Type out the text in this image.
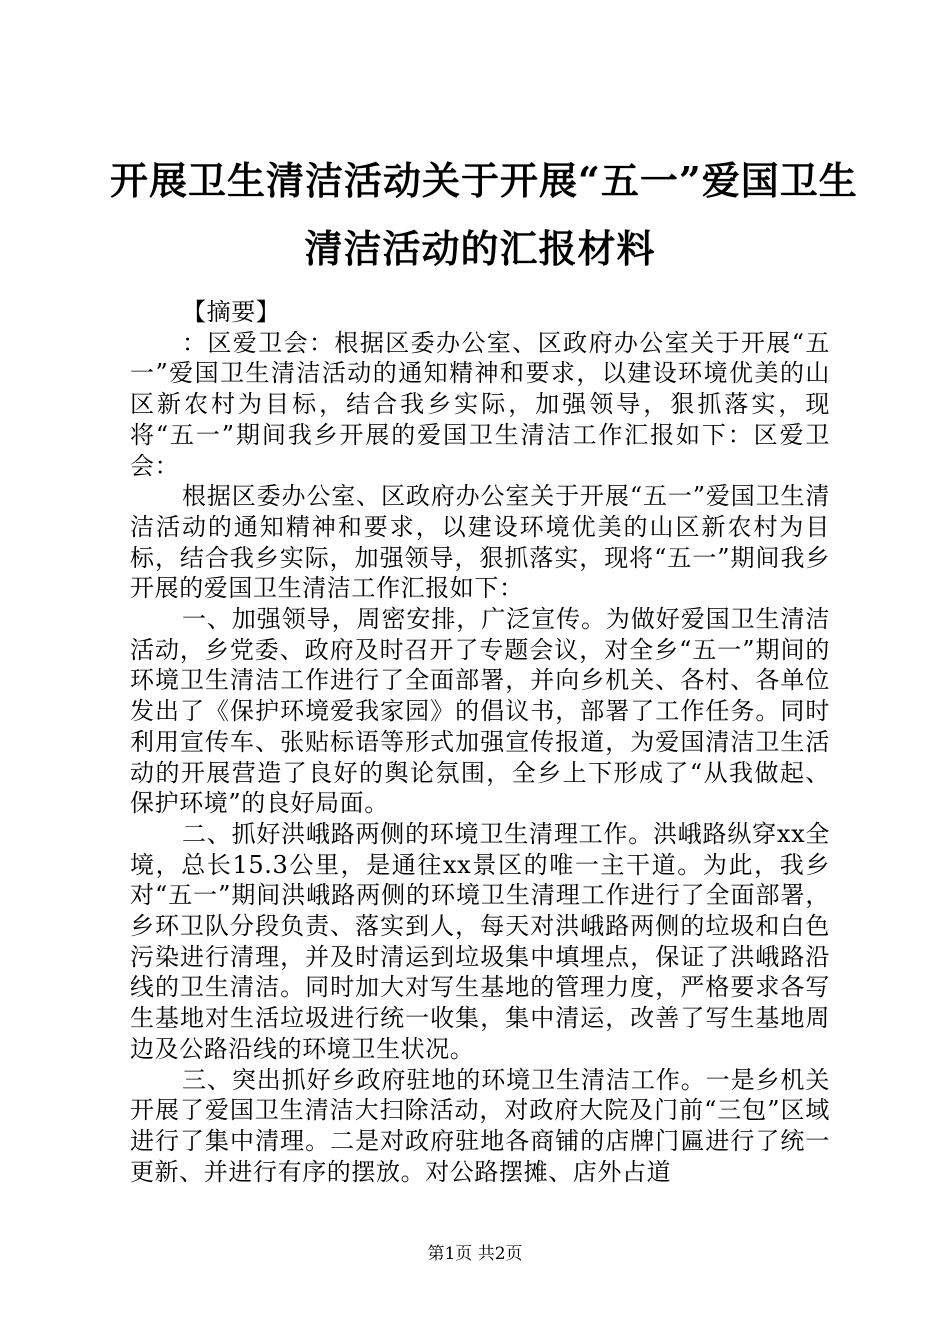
开展卫生清洁活动关于开展“五一”爱国卫生
清洁活动的汇报材料

【摘要】

：区爱卫会：根据区委办公室、区政府办公室关于开展“五一”爱国卫生清洁活动的通知精神和要求，以建设环境优美的山区新农村为目标，结合我乡实际，加强领导，狠抓落实，现将“五一”期间我乡开展的爱国卫生清洁工作汇报如下：区爱卫会：

根据区委办公室、区政府办公室关于开展“五一”爱国卫生清洁活动的通知精神和要求，以建设环境优美的山区新农村为目标，结合我乡实际，加强领导，狠抓落实，现将“五一”期间我乡开展的爱国卫生清洁工作汇报如下：

一、加强领导，周密安排，广泛宣传。为做好爱国卫生清洁活动，乡党委、政府及时召开了专题会议，对全乡“五一”期间的环境卫生清洁工作进行了全面部署，并向乡机关、各村、各单位发出了《保护环境爱我家园》的倡议书，部署了工作任务。同时利用宣传车、张贴标语等形式加强宣传报道，为爱国清洁卫生活动的开展营造了良好的舆论氛围，全乡上下形成了“从我做起、保护环境”的良好局面。

二、抓好洪峨路两侧的环境卫生清理工作。洪峨路纵穿xx全境，总长15.3公里，是通往xx景区的唯一主干道。为此，我乡对“五一”期间洪峨路两侧的环境卫生清理工作进行了全面部署，乡环卫队分段负责、落实到人，每天对洪峨路两侧的垃圾和白色污染进行清理，并及时清运到垃圾集中填埋点，保证了洪峨路沿线的卫生清洁。同时加大对写生基地的管理力度，严格要求各写生基地对生活垃圾进行统一收集，集中清运，改善了写生基地周边及公路沿线的环境卫生状况。

三、突出抓好乡政府驻地的环境卫生清洁工作。一是乡机关开展了爱国卫生清洁大扫除活动，对政府大院及门前“三包”区域进行了集中清理。二是对政府驻地各商铺的店牌门匾进行了统一更新、并进行有序的摆放。对公路摆摊、店外占道

第1页 共2页
